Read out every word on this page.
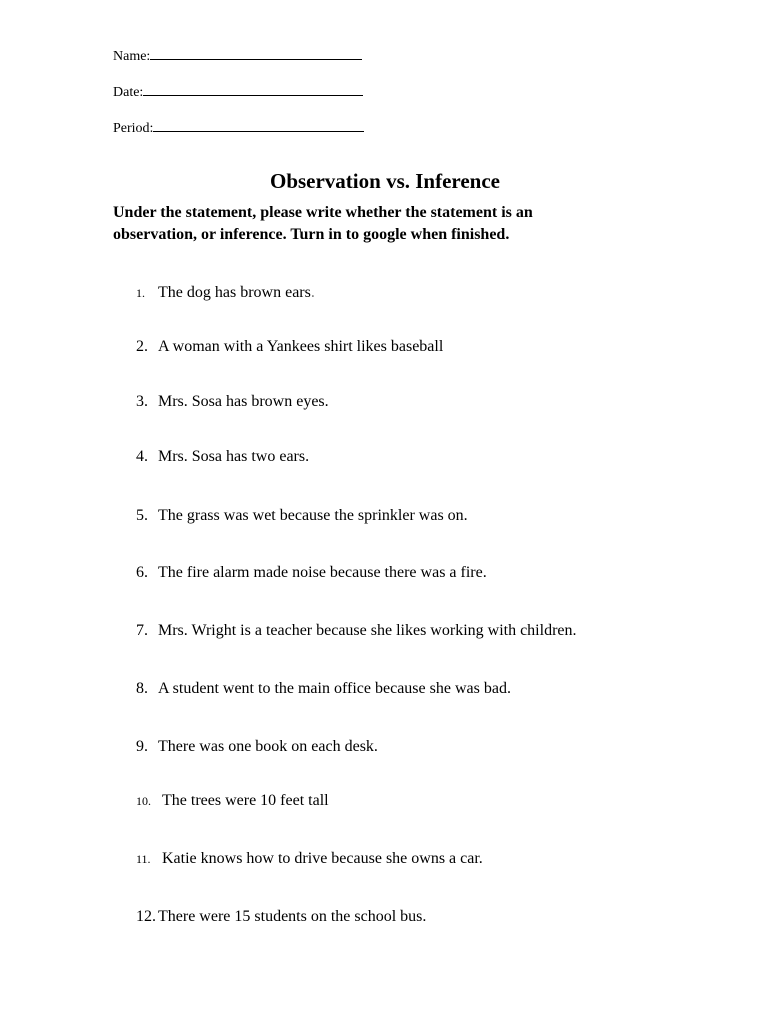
Name:
Date:
Period:
Observation vs. Inference
Under the statement, please write whether the statement is an observation, or inference. Turn in to google when finished.
1. The dog has brown ears.
2. A woman with a Yankees shirt likes baseball
3. Mrs. Sosa has brown eyes.
4. Mrs. Sosa has two ears.
5. The grass was wet because the sprinkler was on.
6. The fire alarm made noise because there was a fire.
7. Mrs. Wright is a teacher because she likes working with children.
8. A student went to the main office because she was bad.
9. There was one book on each desk.
10. The trees were 10 feet tall
11. Katie knows how to drive because she owns a car.
12. There were 15 students on the school bus.
